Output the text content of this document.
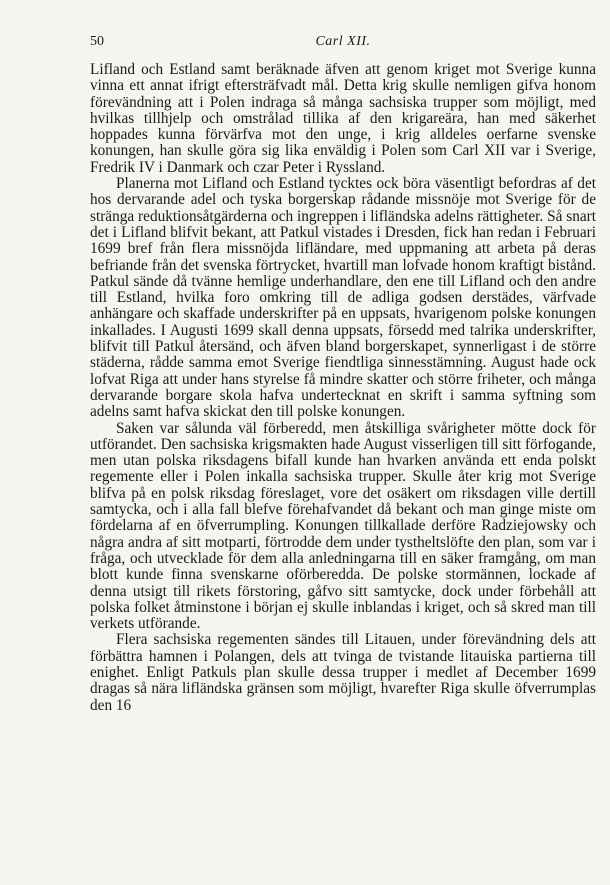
50	Carl XII.

Lifland och Estland samt beräknade äfven att genom kriget mot Sverige kunna vinna ett annat ifrigt eftersträfvadt mål. Detta krig skulle nemligen gifva honom förevändning att i Polen indraga så många sachsiska trupper som möjligt, med hvilkas tillhjelp och omstrålad tillika af den krigareära, han med säkerhet hoppades kunna förvärfva mot den unge, i krig alldeles oerfarne svenske konungen, han skulle göra sig lika enväldig i Polen som Carl XII var i Sverige, Fredrik IV i Danmark och czar Peter i Ryssland.

Planerna mot Lifland och Estland tycktes ock böra väsentligt befordras af det hos dervarande adel och tyska borgerskap rådande missnöje mot Sverige för de stränga reduktionsåtgärderna och ingreppen i lifländska adelns rättigheter. Så snart det i Lifland blifvit bekant, att Patkul vistades i Dresden, fick han redan i Februari 1699 bref från flera missnöjda lifländare, med uppmaning att arbeta på deras befriande från det svenska förtrycket, hvartill man lofvade honom kraftigt bistånd. Patkul sände då tvänne hemlige underhandlare, den ene till Lifland och den andre till Estland, hvilka foro omkring till de adliga godsen derstädes, värfvade anhängare och skaffade underskrifter på en uppsats, hvarigenom polske konungen inkallades. I Augusti 1699 skall denna uppsats, försedd med talrika underskrifter, blifvit till Patkul återsänd, och äfven bland borgerskapet, synnerligast i de större städerna, rådde samma emot Sverige fiendtliga sinnesstämning. August hade ock lofvat Riga att under hans styrelse få mindre skatter och större friheter, och många dervarande borgare skola hafva undertecknat en skrift i samma syftning som adelns samt hafva skickat den till polske konungen.

Saken var sålunda väl förberedd, men åtskilliga svårigheter mötte dock för utförandet. Den sachsiska krigsmakten hade August visserligen till sitt förfogande, men utan polska riksdagens bifall kunde han hvarken använda ett enda polskt regemente eller i Polen inkalla sachsiska trupper. Skulle åter krig mot Sverige blifva på en polsk riksdag föreslaget, vore det osäkert om riksdagen ville dertill samtycka, och i alla fall blefve förehafvandet då bekant och man ginge miste om fördelarna af en öfverrumpling. Konungen tillkallade derföre Radziejowsky och några andra af sitt motparti, förtrodde dem under tystheltslöfte den plan, som var i fråga, och utvecklade för dem alla anledningarna till en säker framgång, om man blott kunde finna svenskarne oförberedda. De polske stormännen, lockade af denna utsigt till rikets förstoring, gåfvo sitt samtycke, dock under förbehåll att polska folket åtminstone i början ej skulle inblandas i kriget, och så skred man till verkets utförande.

Flera sachsiska regementen sändes till Litauen, under förevändning dels att förbättra hamnen i Polangen, dels att tvinga de tvistande litauiska partierna till enighet. Enligt Patkuls plan skulle dessa trupper i medlet af December 1699 dragas så nära lifländska gränsen som möjligt, hvarefter Riga skulle öfverrumplas den 16
